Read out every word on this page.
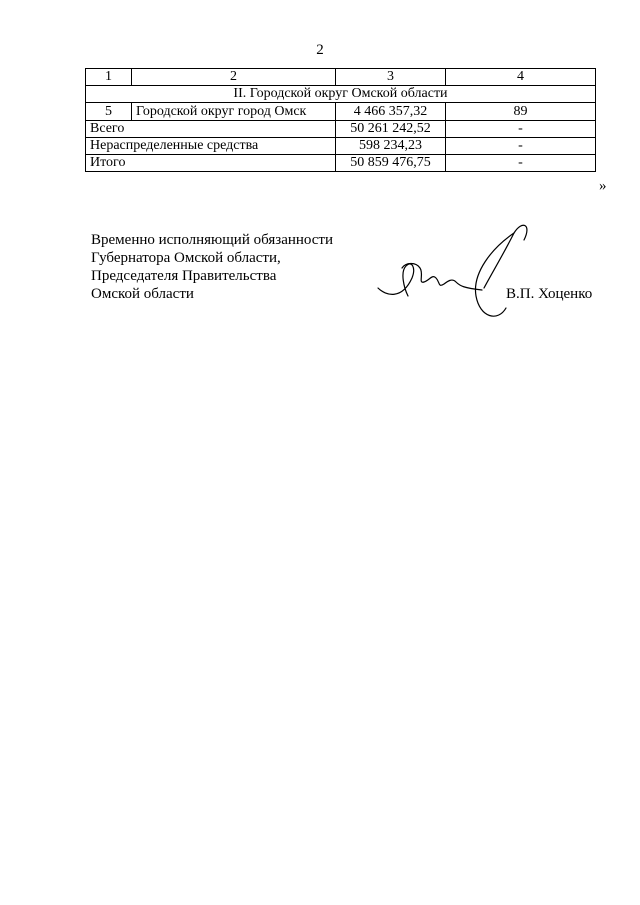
2
1	2	3	4
II. Городской округ Омской области			
5	Городской округ город Омск	4 466 357,32	89
Всего		50 261 242,52	-
Нераспределенные средства		598 234,23	-
Итого		50 859 476,75	-
»
Временно исполняющий обязанности
Губернатора Омской области,
Председателя Правительства
Омской области	В.П. Хоценко
